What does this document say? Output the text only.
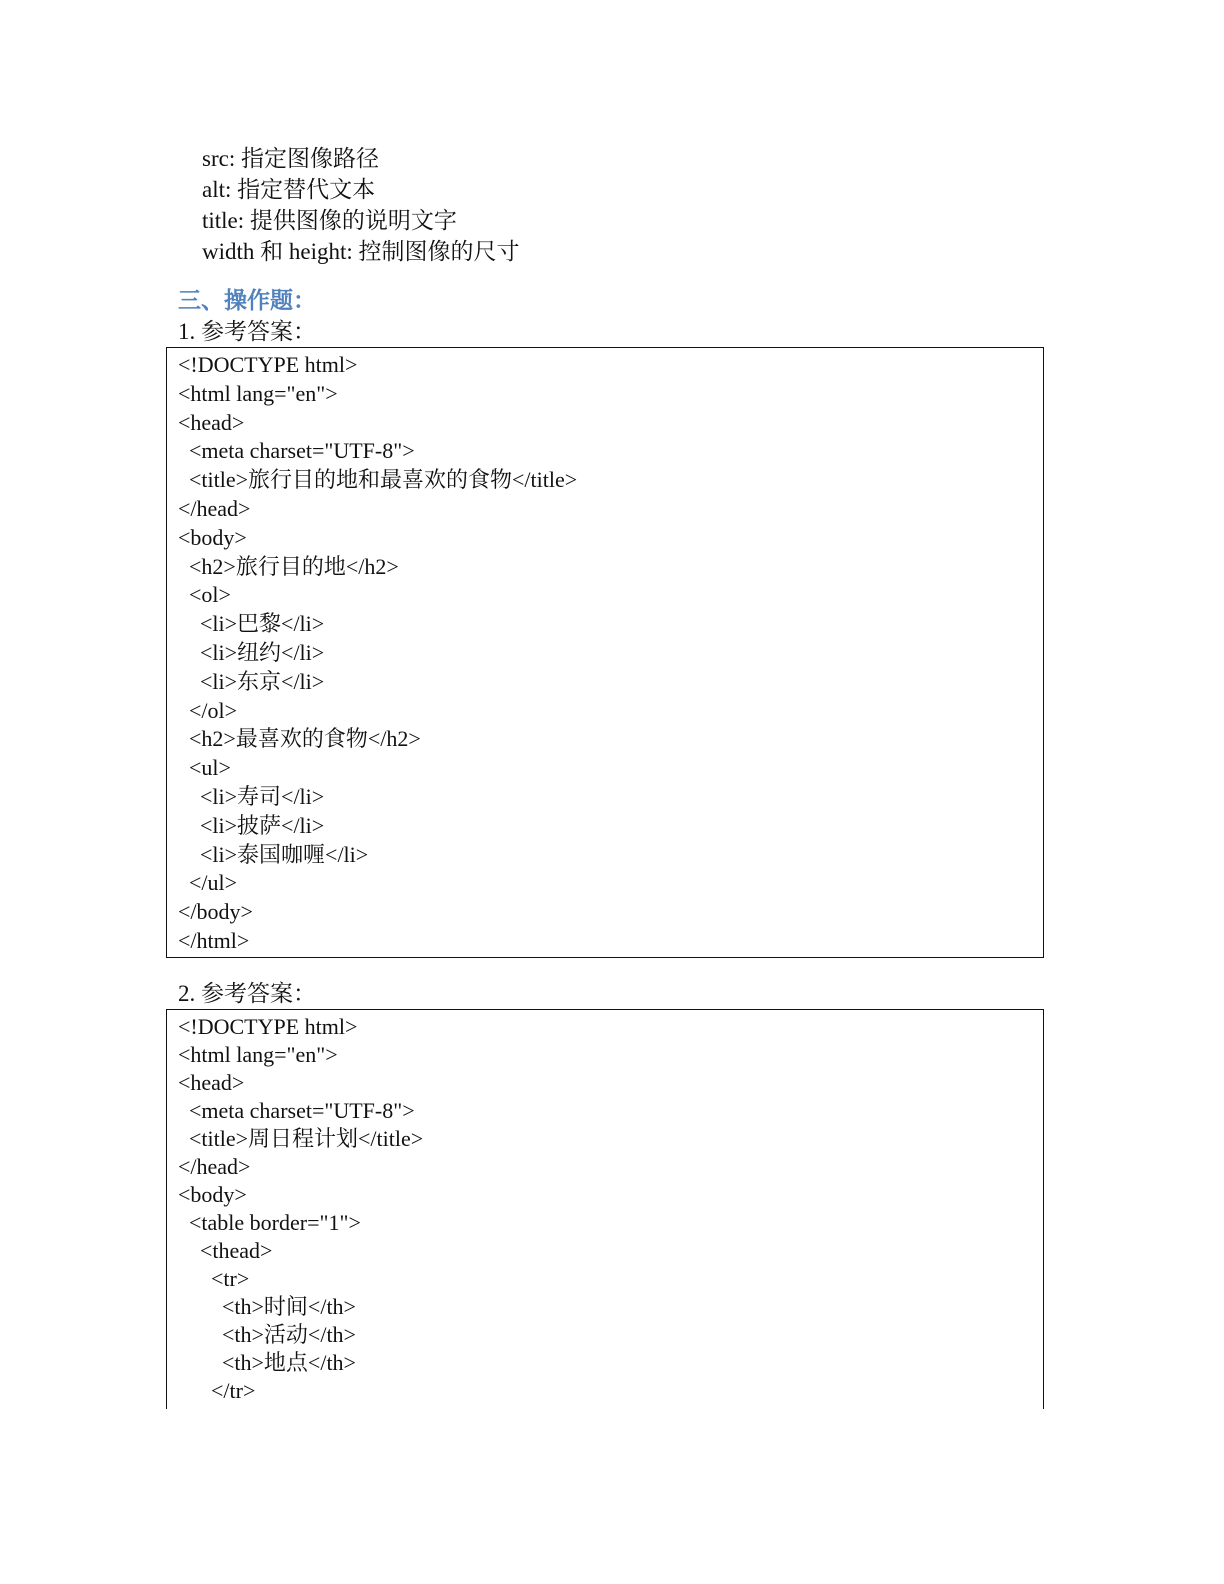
src: 指定图像路径
alt: 指定替代文本
title: 提供图像的说明文字
width 和 height: 控制图像的尺寸
三、操作题：
1. 参考答案：
<!DOCTYPE html>
<html lang="en">
<head>
<meta charset="UTF-8">
<title>旅行目的地和最喜欢的食物</title>
</head>
<body>
<h2>旅行目的地</h2>
<ol>
<li>巴黎</li>
<li>纽约</li>
<li>东京</li>
</ol>
<h2>最喜欢的食物</h2>
<ul>
<li>寿司</li>
<li>披萨</li>
<li>泰国咖喱</li>
</ul>
</body>
</html>
2. 参考答案：
<!DOCTYPE html>
<html lang="en">
<head>
<meta charset="UTF-8">
<title>周日程计划</title>
</head>
<body>
<table border="1">
<thead>
<tr>
<th>时间</th>
<th>活动</th>
<th>地点</th>
</tr>
